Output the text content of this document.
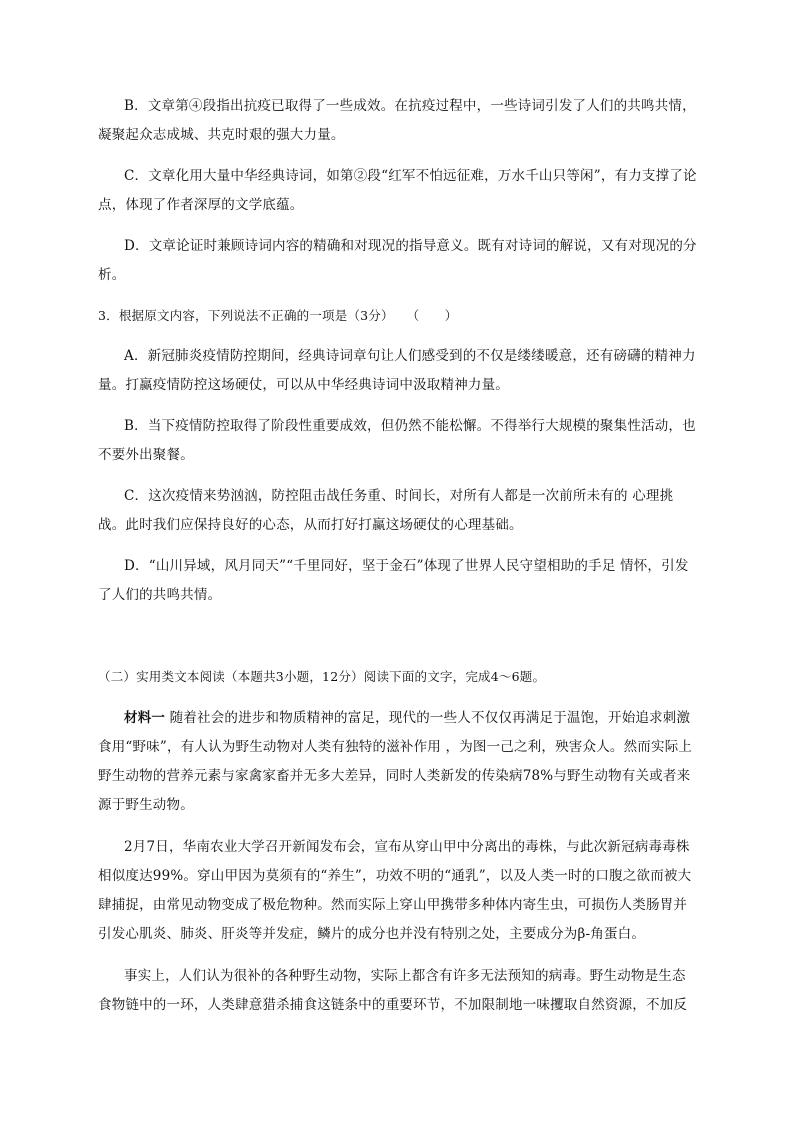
B．文章第④段指出抗疫已取得了一些成效。在抗疫过程中，一些诗词引发了人们的共鸣共情，凝聚起众志成城、共克时艰的强大力量。

C．文章化用大量中华经典诗词，如第②段“红军不怕远征难，万水千山只等闲”，有力支撑了论点，体现了作者深厚的文学底蕴。

D．文章论证时兼顾诗词内容的精确和对现况的指导意义。既有对诗词的解说，又有对现况的分析。

3．根据原文内容，下列说法不正确的一项是（3分）　　（　　）

A．新冠肺炎疫情防控期间，经典诗词章句让人们感受到的不仅是缕缕暖意，还有磅礴的精神力量。打赢疫情防控这场硬仗，可以从中华经典诗词中汲取精神力量。

B．当下疫情防控取得了阶段性重要成效，但仍然不能松懈。不得举行大规模的聚集性活动，也不要外出聚餐。

C．这次疫情来势汹汹，防控阻击战任务重、时间长，对所有人都是一次前所未有的 心理挑战。此时我们应保持良好的心态，从而打好打赢这场硬仗的心理基础。

D．“山川异域，风月同天”“千里同好，坚于金石”体现了世界人民守望相助的手足 情怀，引发了人们的共鸣共情。

（二）实用类文本阅读（本题共3小题，12分）阅读下面的文字，完成4～6题。

材料一 随着社会的进步和物质精神的富足，现代的一些人不仅仅再满足于温饱，开始追求刺激食用“野味”，有人认为野生动物对人类有独特的滋补作用 ，为图一己之利，殃害众人。然而实际上野生动物的营养元素与家禽家畜并无多大差异，同时人类新发的传染病78%与野生动物有关或者来源于野生动物。

2月7日，华南农业大学召开新闻发布会，宣布从穿山甲中分离出的毒株，与此次新冠病毒毒株相似度达99%。穿山甲因为莫须有的“养生”，功效不明的“通乳”，以及人类一时的口腹之欲而被大肆捕捉，由常见动物变成了极危物种。然而实际上穿山甲携带多种体内寄生虫，可损伤人类肠胃并引发心肌炎、肺炎、肝炎等并发症，鳞片的成分也并没有特别之处，主要成分为β-角蛋白。

事实上，人们认为很补的各种野生动物，实际上都含有许多无法预知的病毒。野生动物是生态食物链中的一环，人类肆意猎杀捕食这链条中的重要环节，不加限制地一味攫取自然资源，不加反
